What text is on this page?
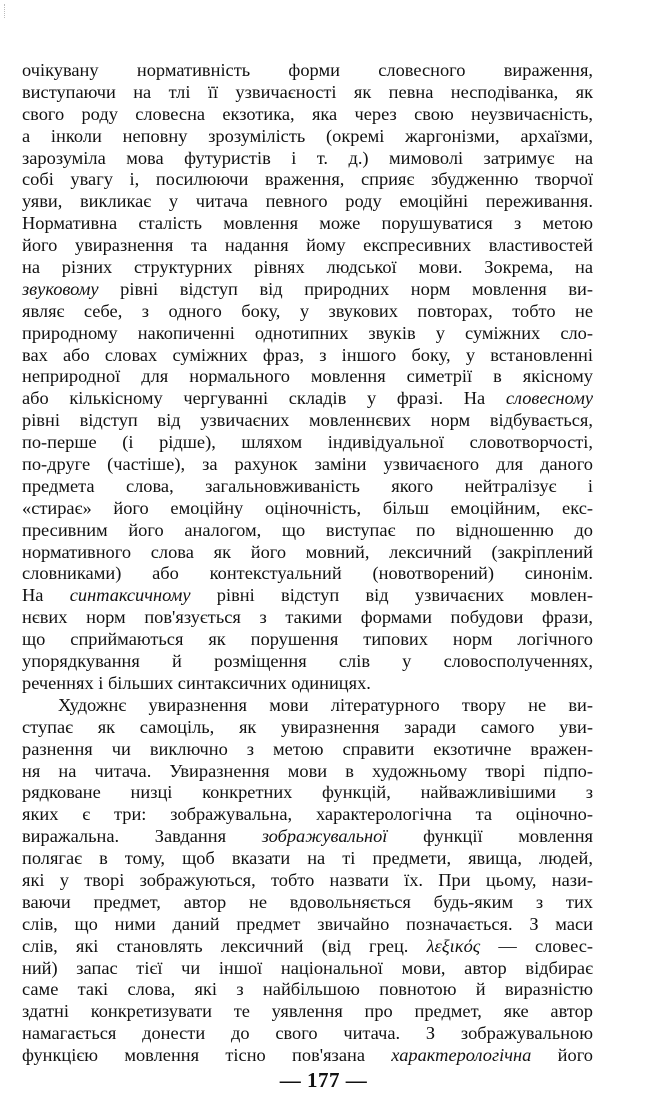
очікувану нормативність форми словесного вираження,
виступаючи на тлі її узвичаєності як певна несподіванка, як
свого роду словесна екзотика, яка через свою неузвичаєність,
а інколи неповну зрозумілість (окремі жаргонізми, архаїзми,
зарозуміла мова футуристів і т. д.) мимоволі затримує на
собі увагу і, посилюючи враження, сприяє збудженню творчої
уяви, викликає у читача певного роду емоційні переживання.
Нормативна сталість мовлення може порушуватися з метою
його увиразнення та надання йому експресивних властивостей
на різних структурних рівнях людської мови. Зокрема, на
звуковому рівні відступ від природних норм мовлення ви-
являє себе, з одного боку, у звукових повторах, тобто не
природному накопиченні однотипних звуків у суміжних сло-
вах або словах суміжних фраз, з іншого боку, у встановленні
неприродної для нормального мовлення симетрії в якісному
або кількісному чергуванні складів у фразі. На словесному
рівні відступ від узвичаєних мовленнєвих норм відбувається,
по-перше (і рідше), шляхом індивідуальної словотворчості,
по-друге (частіше), за рахунок заміни узвичаєного для даного
предмета слова, загальновживаність якого нейтралізує і
«стирає» його емоційну оціночність, більш емоційним, екс-
пресивним його аналогом, що виступає по відношенню до
нормативного слова як його мовний, лексичний (закріплений
словниками) або контекстуальний (новотворений) синонім.
На синтаксичному рівні відступ від узвичаєних мовлен-
нєвих норм пов'язується з такими формами побудови фрази,
що сприймаються як порушення типових норм логічного
упорядкування й розміщення слів у словосполученнях,
реченнях і більших синтаксичних одиницях.
Художнє увиразнення мови літературного твору не ви-
ступає як самоціль, як увиразнення заради самого уви-
разнення чи виключно з метою справити екзотичне вражен-
ня на читача. Увиразнення мови в художньому творі підпо-
рядковане низці конкретних функцій, найважливішими з
яких є три: зображувальна, характерологічна та оціночно-
виражальна. Завдання зображувальної функції мовлення
полягає в тому, щоб вказати на ті предмети, явища, людей,
які у творі зображуються, тобто назвати їх. При цьому, нази-
ваючи предмет, автор не вдовольняється будь-яким з тих
слів, що ними даний предмет звичайно позначається. З маси
слів, які становлять лексичний (від грец. λεξικός — словес-
ний) запас тієї чи іншої національної мови, автор відбирає
саме такі слова, які з найбільшою повнотою й виразністю
здатні конкретизувати те уявлення про предмет, яке автор
намагається донести до свого читача. З зображувальною
функцією мовлення тісно пов'язана характерологічна його
— 177 —
